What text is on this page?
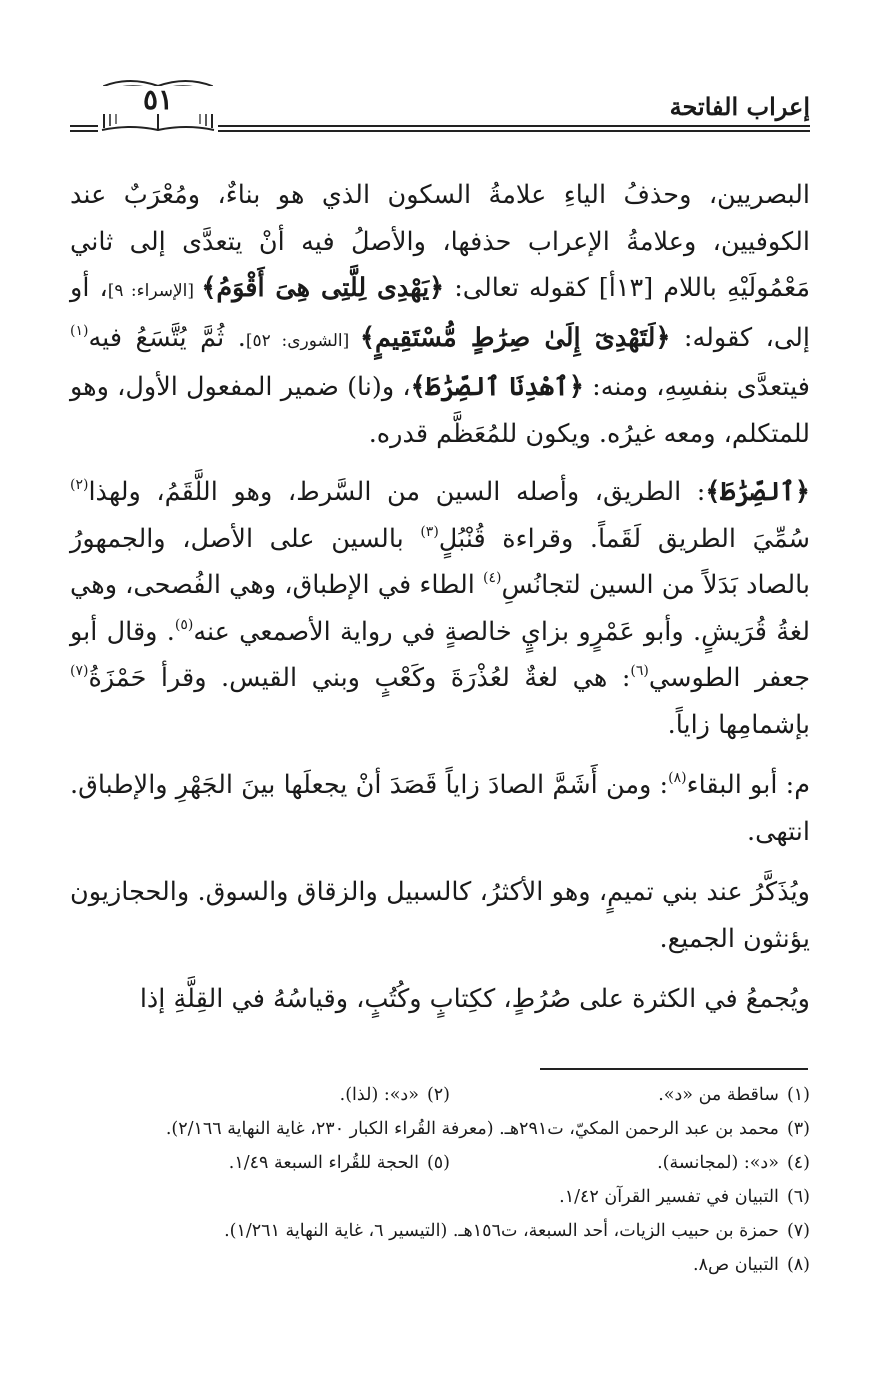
٥١	إعراب الفاتحة

البصريين، وحذفُ الياءِ علامةُ السكون الذي هو بناءٌ، ومُعْرَبٌ عند الكوفيين، وعلامةُ الإعراب حذفها، والأصلُ فيه أنْ يتعدَّى إلى ثاني مَعْمُولَيْهِ باللام [١٣أ] كقوله تعالى: ﴿يَهْدِى لِلَّتِى هِىَ أَقْوَمُ﴾ [الإسراء: ٩]، أو إلى، كقوله: ﴿لَتَهْدِىٓ إِلَىٰ صِرَٰطٍ مُّسْتَقِيمٍ﴾ [الشورى: ٥٢]. ثُمَّ يُتَّسَعُ فيه$^{(١)}$ فيتعدَّى بنفسِهِ، ومنه: ﴿ٱهْدِنَا ٱلصِّرَٰطَ﴾، و(نا) ضمير المفعول الأول، وهو للمتكلم، ومعه غيرُه. ويكون للمُعَظَّم قدره.

﴿ٱلصِّرَٰطَ﴾: الطريق، وأصله السين من السَّرط، وهو اللَّقَمُ، ولهذا$^{(٢)}$ سُمِّيَ الطريق لَقَماً. وقراءة قُنْبُلٍ$^{(٣)}$ بالسين على الأصل، والجمهورُ بالصاد بَدَلاً من السين لتجانُسِ$^{(٤)}$ الطاء في الإطباق، وهي الفُصحى، وهي لغةُ قُرَيشٍ. وأبو عَمْرٍو بزايٍ خالصةٍ في رواية الأصمعي عنه$^{(٥)}$. وقال أبو جعفر الطوسي$^{(٦)}$: هي لغةٌ لعُذْرَةَ وكَعْبٍ وبني القيس. وقرأ حَمْزَةُ$^{(٧)}$ بإشمامِها زاياً.

م: أبو البقاء$^{(٨)}$: ومن أَشَمَّ الصادَ زاياً قَصَدَ أنْ يجعلَها بينَ الجَهْرِ والإطباق. انتهى.

ويُذَكَّرُ عند بني تميمٍ، وهو الأكثرُ، كالسبيل والزقاق والسوق. والحجازيون يؤنثون الجميع.

ويُجمعُ في الكثرة على صُرُطٍ، ككِتابٍ وكُتُبٍ، وقياسُهُ في القِلَّةِ إذا

(١)ساقطة من «د».
(٢)«د»: (لذا).
(٣)محمد بن عبد الرحمن المكيّ، ت٢٩١هـ. (معرفة القُراء الكبار ٢٣٠، غاية النهاية ٢/١٦٦).
(٤)«د»: (لمجانسة).
(٥)الحجة للقُراء السبعة ١/٤٩.
(٦)التبيان في تفسير القرآن ١/٤٢.
(٧)حمزة بن حبيب الزيات، أحد السبعة، ت١٥٦هـ. (التيسير ٦، غاية النهاية ١/٢٦١).
(٨)التبيان ص٨.
